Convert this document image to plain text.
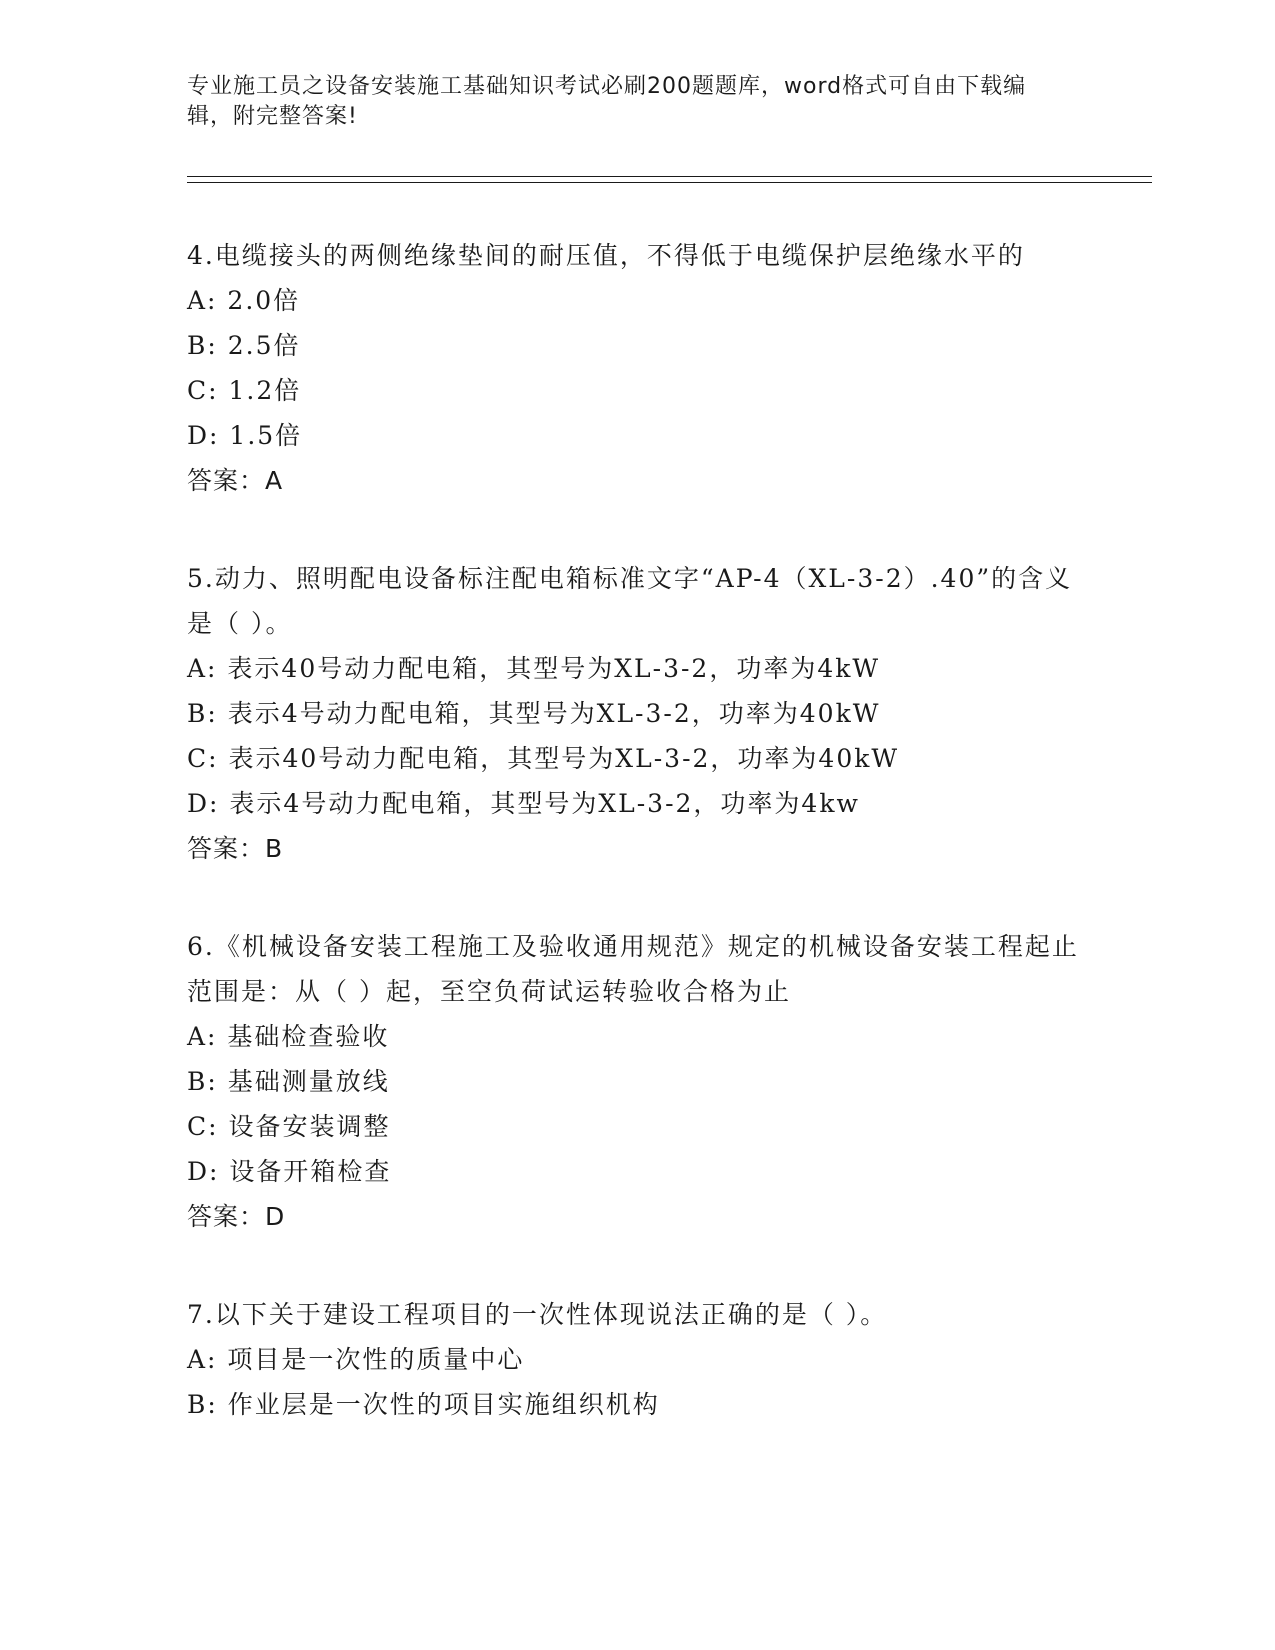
专业施工员之设备安装施工基础知识考试必刷200题题库，word格式可自由下载编辑，附完整答案!

4.电缆接头的两侧绝缘垫间的耐压值，不得低于电缆保护层绝缘水平的

A: 2.0倍

B: 2.5倍

C: 1.2倍

D: 1.5倍

答案：A

5.动力、照明配电设备标注配电箱标准文字“AP-4（XL-3-2）.40”的含义是（ ）。

A: 表示40号动力配电箱，其型号为XL-3-2，功率为4kW

B: 表示4号动力配电箱，其型号为XL-3-2，功率为40kW

C: 表示40号动力配电箱，其型号为XL-3-2，功率为40kW

D: 表示4号动力配电箱，其型号为XL-3-2，功率为4kw

答案：B

6.《机械设备安装工程施工及验收通用规范》规定的机械设备安装工程起止范围是：从（ ）起，至空负荷试运转验收合格为止

A: 基础检查验收

B: 基础测量放线

C: 设备安装调整

D: 设备开箱检查

答案：D

7.以下关于建设工程项目的一次性体现说法正确的是（ ）。

A: 项目是一次性的质量中心

B: 作业层是一次性的项目实施组织机构
